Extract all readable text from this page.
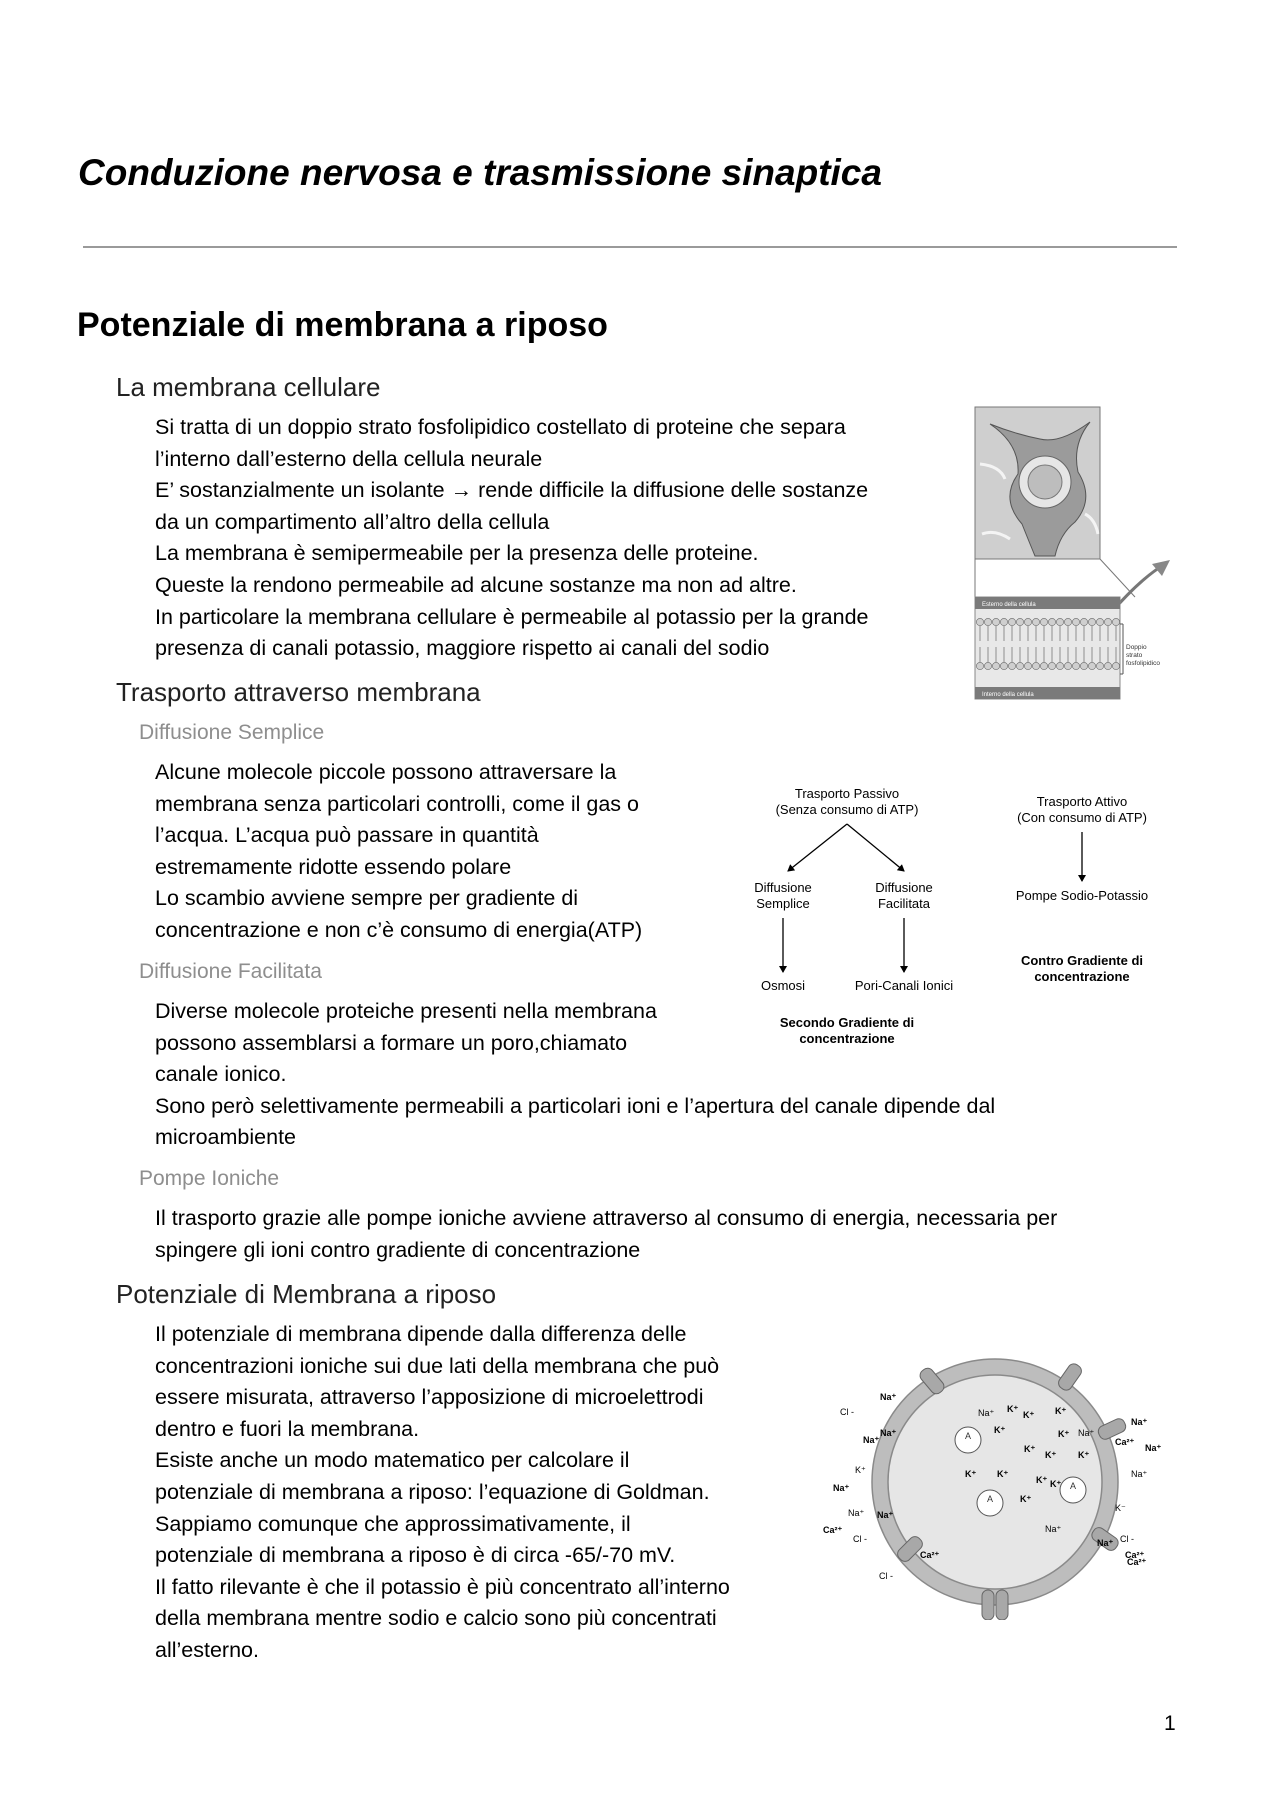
Conduzione nervosa e trasmissione sinaptica
Potenziale di membrana a riposo
La membrana cellulare
Si tratta di un doppio strato fosfolipidico costellato di proteine che separa
l’interno dall’esterno della cellula neurale
E’ sostanzialmente un isolante → rende difficile la diffusione delle sostanze
da un compartimento all’altro della cellula
La membrana è semipermeabile per la presenza delle proteine.
Queste la rendono permeabile ad alcune sostanze ma non ad altre.
In particolare la membrana cellulare è permeabile al potassio per la grande
presenza di canali potassio, maggiore rispetto ai canali del sodio
Esterno della cellula
Interno della cellula
Doppio
strato
fosfolipidico
Trasporto attraverso membrana
Diffusione Semplice
Alcune molecole piccole possono attraversare la
membrana senza particolari controlli, come il gas o
l’acqua. L’acqua può passare in quantità
estremamente ridotte essendo polare
Lo scambio avviene sempre per gradiente di
concentrazione e non c’è consumo di energia(ATP)
Diffusione Facilitata
Diverse molecole proteiche presenti nella membrana
possono assemblarsi a formare un poro,chiamato
canale ionico.
Sono però selettivamente permeabili a particolari ioni e l’apertura del canale dipende dal
microambiente
Trasporto Passivo
(Senza consumo di ATP)
Trasporto Attivo
(Con consumo di ATP)
Diffusione
Semplice
Diffusione
Facilitata
Pompe Sodio-Potassio
Osmosi	Pori-Canali Ionici
Secondo Gradiente di
concentrazione
Contro Gradiente di
concentrazione
Pompe Ioniche
Il trasporto grazie alle pompe ioniche avviene attraverso al consumo di energia, necessaria per
spingere gli ioni contro gradiente di concentrazione
Potenziale di Membrana a riposo
Il potenziale di membrana dipende dalla differenza delle
concentrazioni ioniche sui due lati della membrana che può
essere misurata, attraverso l’apposizione di microelettrodi
dentro e fuori la membrana.
Esiste anche un modo matematico per calcolare il
potenziale di membrana a riposo: l’equazione di Goldman.
Sappiamo comunque che approssimativamente, il
potenziale di membrana a riposo è di circa -65/-70 mV.
Il fatto rilevante è che il potassio è più concentrato all’interno
della membrana mentre sodio e calcio sono più concentrati
all’esterno.
A
A
A
Na⁺
Cl -
Na⁺
Na⁺
K⁺
Na⁺
Na⁺ Na⁺
Ca²⁺
Cl -
Cl -
Ca²⁺
Na⁺
Ca²⁺
Na⁺
Na⁺
K⁻
Na⁺ Cl -
Ca²⁺
Ca²⁺
Na⁺ K⁺
K⁺ K⁺
K⁺	K⁺ Na⁺
K⁺
K⁺ K⁺
K⁺ K⁺
K⁺ K⁺
K⁺
Na⁺
1
